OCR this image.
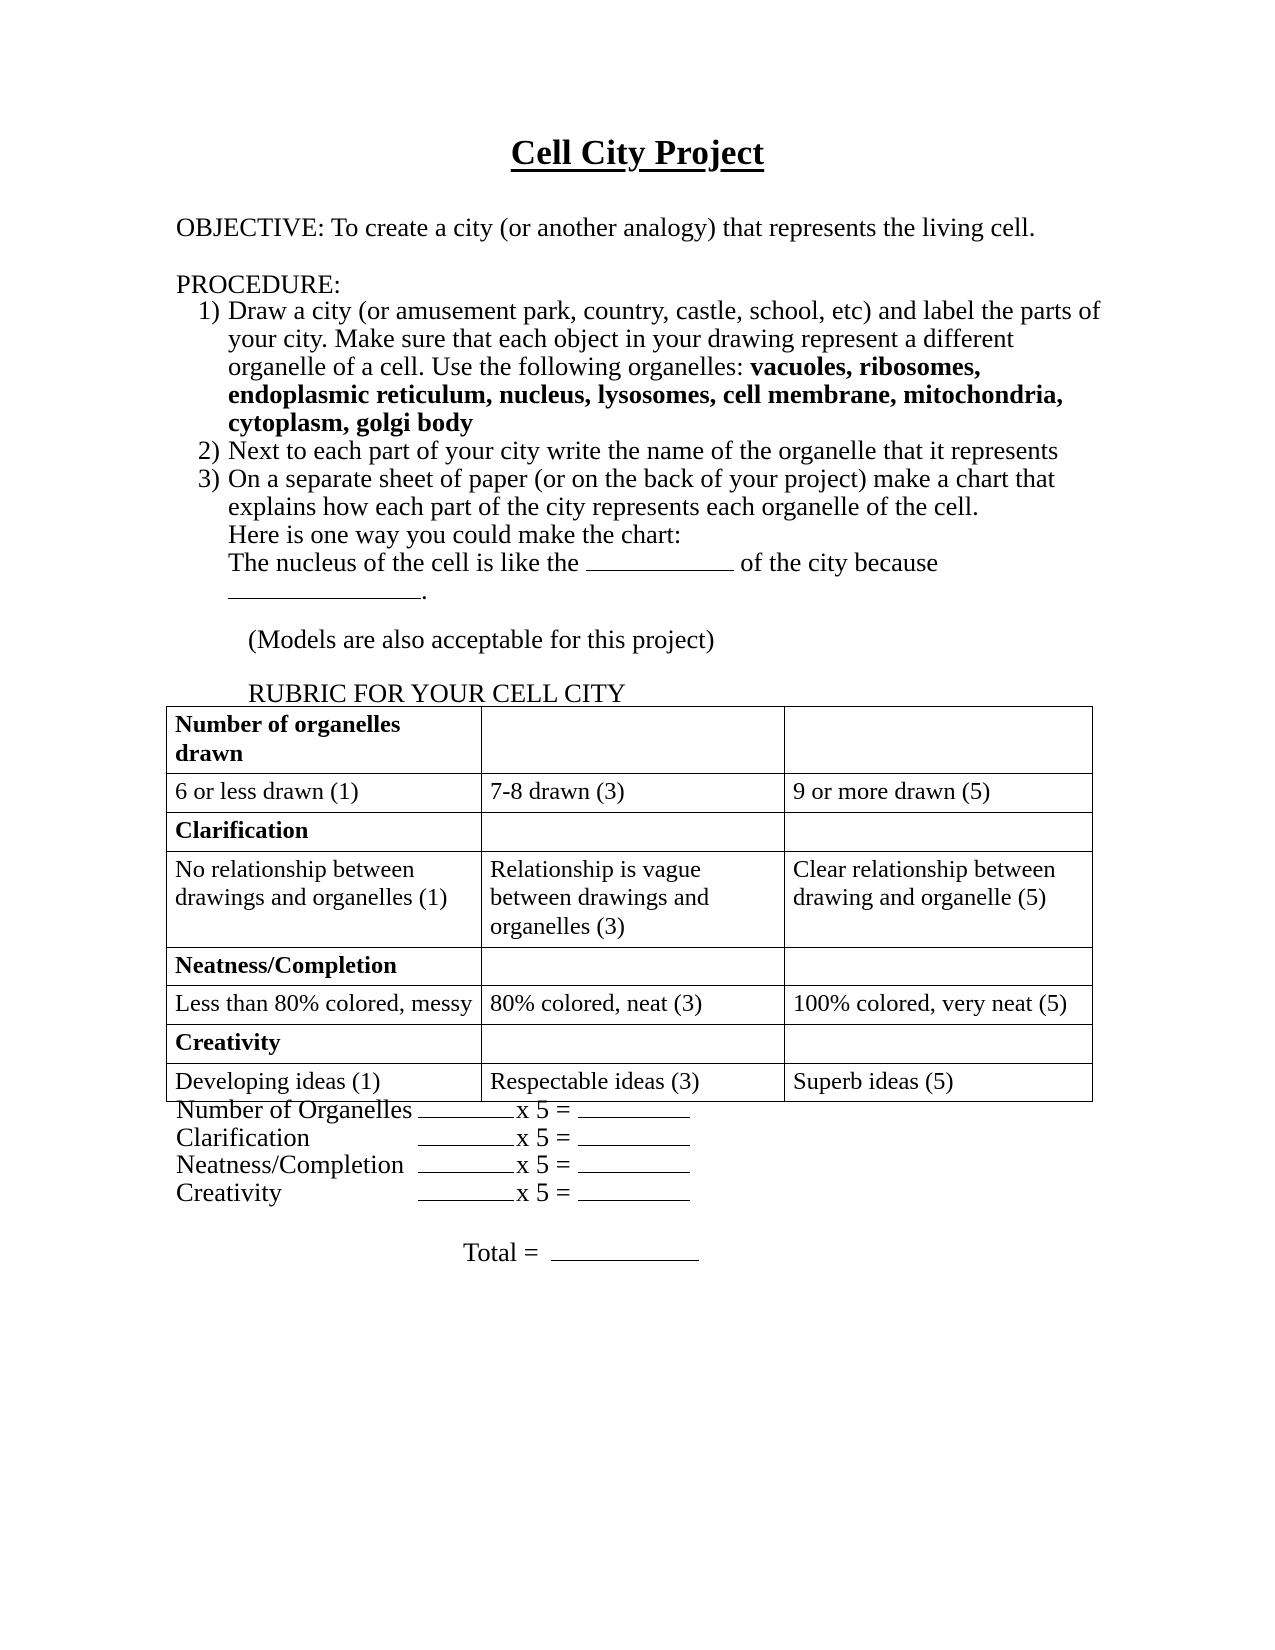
Cell City Project
OBJECTIVE: To create a city (or another analogy) that represents the living cell.
PROCEDURE:
1) Draw a city (or amusement park, country, castle, school, etc) and label the parts of your city. Make sure that each object in your drawing represent a different organelle of a cell. Use the following organelles: vacuoles, ribosomes, endoplasmic reticulum, nucleus, lysosomes, cell membrane, mitochondria, cytoplasm, golgi body
2) Next to each part of your city write the name of the organelle that it represents
3) On a separate sheet of paper (or on the back of your project) make a chart that explains how each part of the city represents each organelle of the cell.
Here is one way you could make the chart:
The nucleus of the cell is like the	of the city because
.
(Models are also acceptable for this project)
RUBRIC FOR YOUR CELL CITY
Number of organelles drawn		
6 or less drawn (1)	7-8 drawn (3)	9 or more drawn (5)
Clarification		
No relationship between drawings and organelles (1)	Relationship is vague between drawings and organelles (3)	Clear relationship between drawing and organelle (5)
Neatness/Completion		
Less than 80% colored, messy	80% colored, neat (3)	100% colored, very neat (5)
Creativity		
Developing ideas (1)	Respectable ideas (3)	Superb ideas (5)
Number of Organelles	x 5 =
Clarification	x 5 =
Neatness/Completion	x 5 =
Creativity	x 5 =
Total =
